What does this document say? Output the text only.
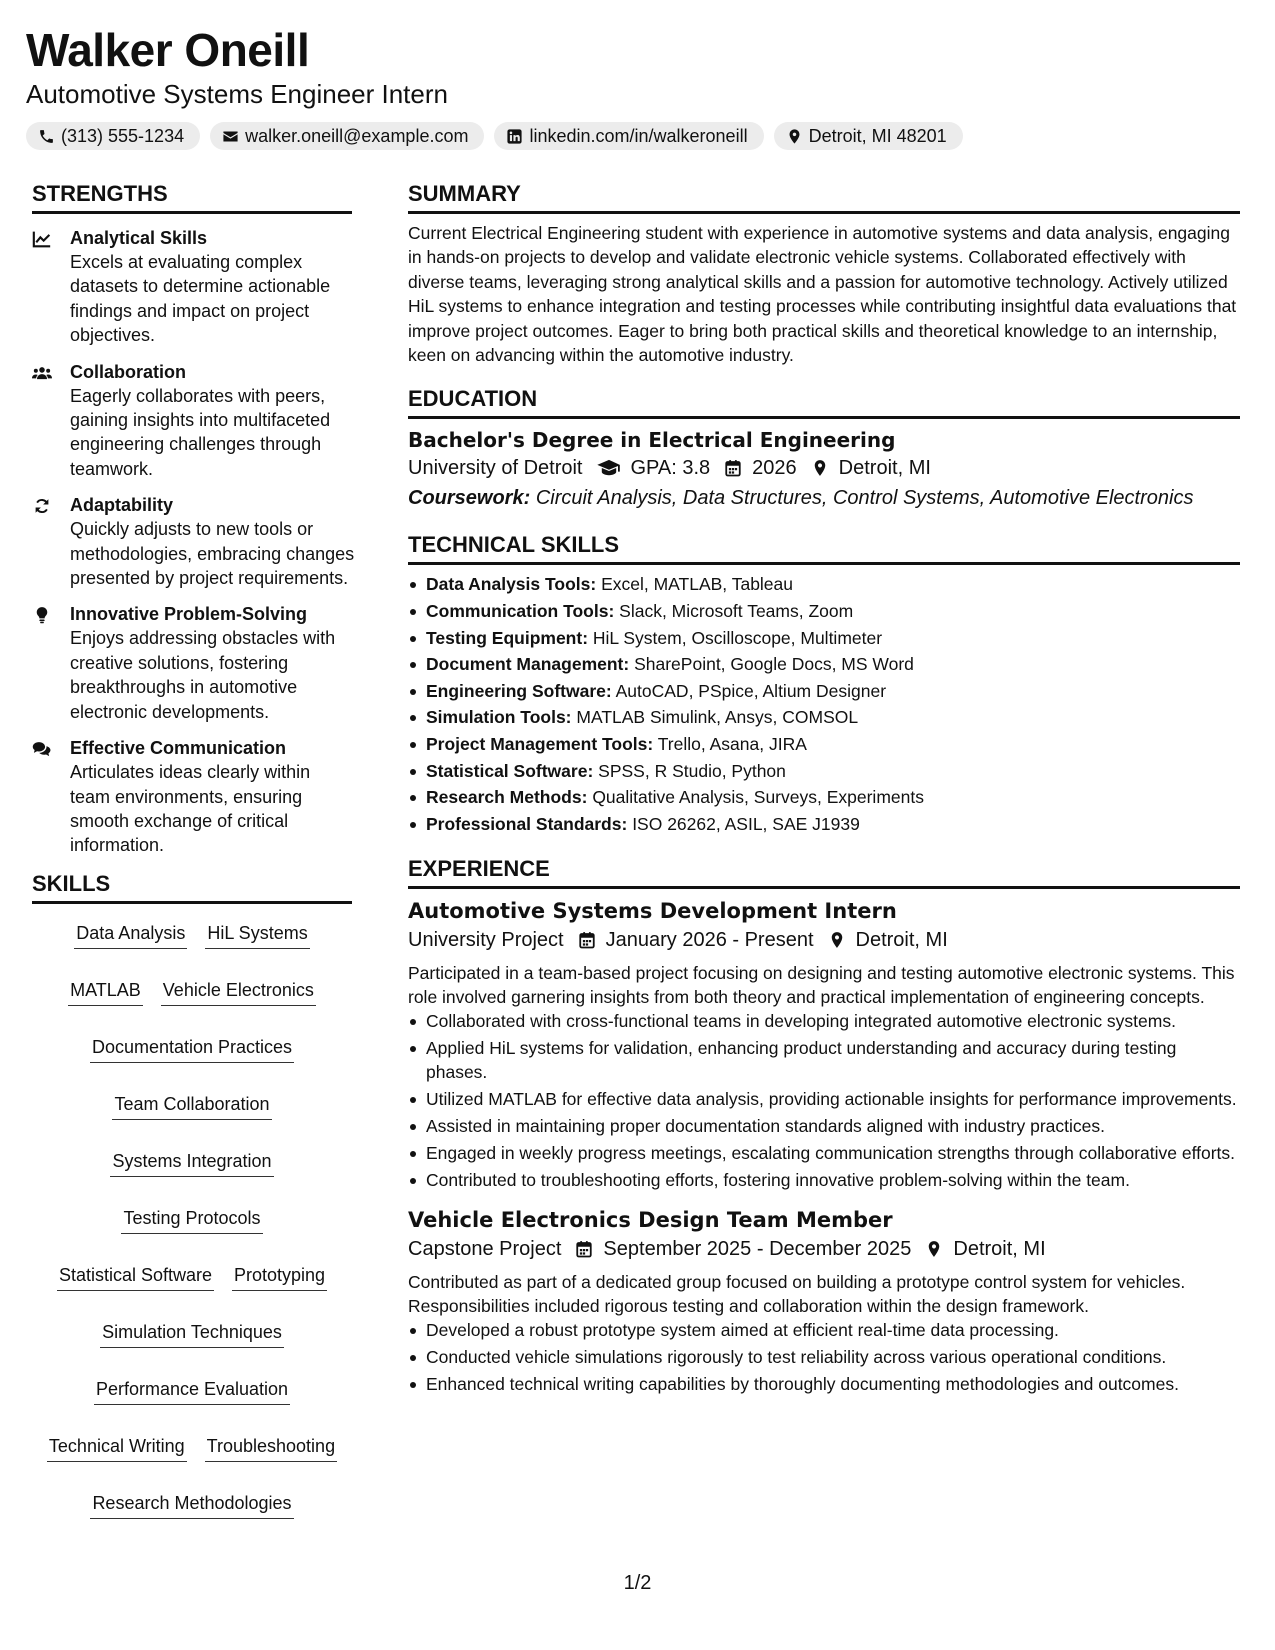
Walker Oneill
Automotive Systems Engineer Intern
(313) 555-1234	walker.oneill@example.com	linkedin.com/in/walkeroneill	Detroit, MI 48201
STRENGTHS
Analytical Skills
Excels at evaluating complex datasets to determine actionable findings and impact on project objectives.
Collaboration
Eagerly collaborates with peers, gaining insights into multifaceted engineering challenges through teamwork.
Adaptability
Quickly adjusts to new tools or methodologies, embracing changes presented by project requirements.
Innovative Problem-Solving
Enjoys addressing obstacles with creative solutions, fostering breakthroughs in automotive electronic developments.
Effective Communication
Articulates ideas clearly within team environments, ensuring smooth exchange of critical information.
SKILLS
Data Analysis HiL Systems
MATLAB Vehicle Electronics
Documentation Practices
Team Collaboration
Systems Integration
Testing Protocols
Statistical Software Prototyping
Simulation Techniques
Performance Evaluation
Technical Writing Troubleshooting
Research Methodologies
SUMMARY
Current Electrical Engineering student with experience in automotive systems and data analysis, engaging in hands-on projects to develop and validate electronic vehicle systems. Collaborated effectively with diverse teams, leveraging strong analytical skills and a passion for automotive technology. Actively utilized HiL systems to enhance integration and testing processes while contributing insightful data evaluations that improve project outcomes. Eager to bring both practical skills and theoretical knowledge to an internship, keen on advancing within the automotive industry.
EDUCATION
Bachelor's Degree in Electrical Engineering
University of Detroit GPA: 3.8 2026 Detroit, MI
Coursework: Circuit Analysis, Data Structures, Control Systems, Automotive Electronics
TECHNICAL SKILLS
Data Analysis Tools: Excel, MATLAB, Tableau
Communication Tools: Slack, Microsoft Teams, Zoom
Testing Equipment: HiL System, Oscilloscope, Multimeter
Document Management: SharePoint, Google Docs, MS Word
Engineering Software: AutoCAD, PSpice, Altium Designer
Simulation Tools: MATLAB Simulink, Ansys, COMSOL
Project Management Tools: Trello, Asana, JIRA
Statistical Software: SPSS, R Studio, Python
Research Methods: Qualitative Analysis, Surveys, Experiments
Professional Standards: ISO 26262, ASIL, SAE J1939
EXPERIENCE
Automotive Systems Development Intern
University Project January 2026 - Present Detroit, MI
Participated in a team-based project focusing on designing and testing automotive electronic systems. This role involved garnering insights from both theory and practical implementation of engineering concepts.
Collaborated with cross-functional teams in developing integrated automotive electronic systems.
Applied HiL systems for validation, enhancing product understanding and accuracy during testing phases.
Utilized MATLAB for effective data analysis, providing actionable insights for performance improvements.
Assisted in maintaining proper documentation standards aligned with industry practices.
Engaged in weekly progress meetings, escalating communication strengths through collaborative efforts.
Contributed to troubleshooting efforts, fostering innovative problem-solving within the team.
Vehicle Electronics Design Team Member
Capstone Project September 2025 - December 2025 Detroit, MI
Contributed as part of a dedicated group focused on building a prototype control system for vehicles. Responsibilities included rigorous testing and collaboration within the design framework.
Developed a robust prototype system aimed at efficient real-time data processing.
Conducted vehicle simulations rigorously to test reliability across various operational conditions.
Enhanced technical writing capabilities by thoroughly documenting methodologies and outcomes.
1/2
